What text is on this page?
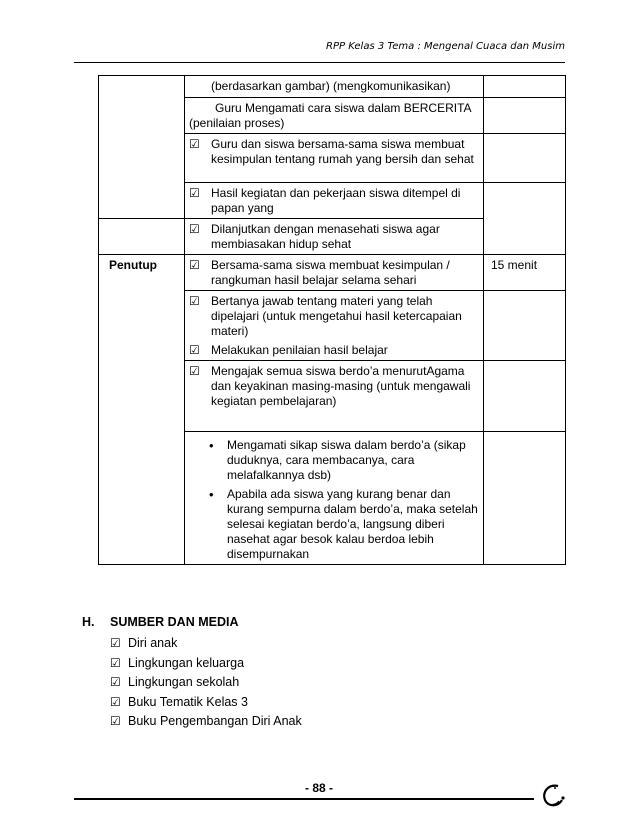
RPP Kelas 3 Tema : Mengenal Cuaca dan Musim

	(berdasarkan gambar) (mengkomunikasikan)	

	Guru Mengamati cara siswa dalam BERCERITA
(penilaian proses)	

	☑ Guru dan siswa bersama-sama siswa membuat kesimpulan tentang rumah yang bersih dan sehat	

	☑ Hasil kegiatan dan pekerjaan siswa ditempel di papan yang	

	☑ Dilanjutkan dengan menasehati siswa agar membiasakan hidup sehat	

Penutup	☑ Bersama-sama siswa membuat kesimpulan / rangkuman hasil belajar selama sehari	15 menit

	☑ Bertanya jawab tentang materi yang telah dipelajari (untuk mengetahui hasil ketercapaian materi)
☑ Melakukan penilaian hasil belajar	

	☑ Mengajak semua siswa berdo’a menurutAgama dan keyakinan masing-masing (untuk mengawali kegiatan pembelajaran)	

	• Mengamati sikap siswa dalam berdo’a (sikap duduknya, cara membacanya, cara melafalkannya dsb)
• Apabila ada siswa yang kurang benar dan kurang sempurna dalam berdo’a, maka setelah selesai kegiatan berdo’a, langsung diberi nasehat agar besok kalau berdoa lebih disempurnakan	

H.	SUMBER DAN MEDIA
☑ Diri anak
☑ Lingkungan keluarga
☑ Lingkungan sekolah
☑ Buku Tematik Kelas 3
☑ Buku Pengembangan Diri Anak
- 88 -
